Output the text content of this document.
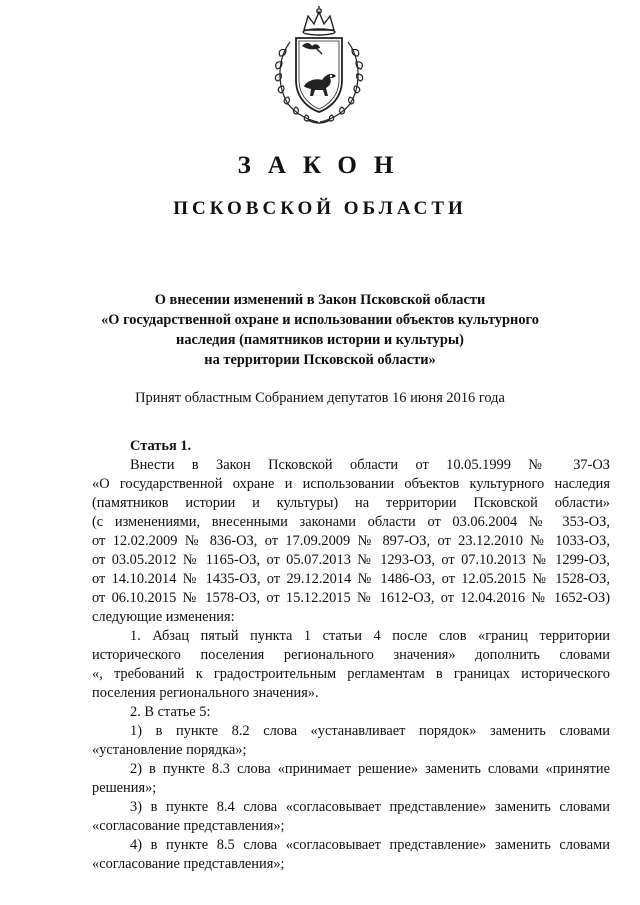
ЗАКОН
ПСКОВСКОЙ ОБЛАСТИ
О внесении изменений в Закон Псковской области
«О государственной охране и использовании объектов культурного
наследия (памятников истории и культуры)
на территории Псковской области»
Принят областным Собранием депутатов 16 июня 2016 года
Статья 1.
Внести в Закон Псковской области от 10.05.1999 № 37-ОЗ
«О государственной охране и использовании объектов культурного наследия
(памятников истории и культуры) на территории Псковской области»
(с изменениями, внесенными законами области от 03.06.2004 № 353-ОЗ,
от 12.02.2009 № 836-ОЗ, от 17.09.2009 № 897-ОЗ, от 23.12.2010 № 1033-ОЗ,
от 03.05.2012 № 1165-ОЗ, от 05.07.2013 № 1293-ОЗ, от 07.10.2013 № 1299-ОЗ,
от 14.10.2014 № 1435-ОЗ, от 29.12.2014 № 1486-ОЗ, от 12.05.2015 № 1528-ОЗ,
от 06.10.2015 № 1578-ОЗ, от 15.12.2015 № 1612-ОЗ, от 12.04.2016 № 1652-ОЗ)
следующие изменения:
1. Абзац пятый пункта 1 статьи 4 после слов «границ территории
исторического поселения регионального значения» дополнить словами
«, требований к градостроительным регламентам в границах исторического
поселения регионального значения».
2. В статье 5:
1) в пункте 8.2 слова «устанавливает порядок» заменить словами
«установление порядка»;
2) в пункте 8.3 слова «принимает решение» заменить словами «принятие
решения»;
3) в пункте 8.4 слова «согласовывает представление» заменить словами
«согласование представления»;
4) в пункте 8.5 слова «согласовывает представление» заменить словами
«согласование представления»;
